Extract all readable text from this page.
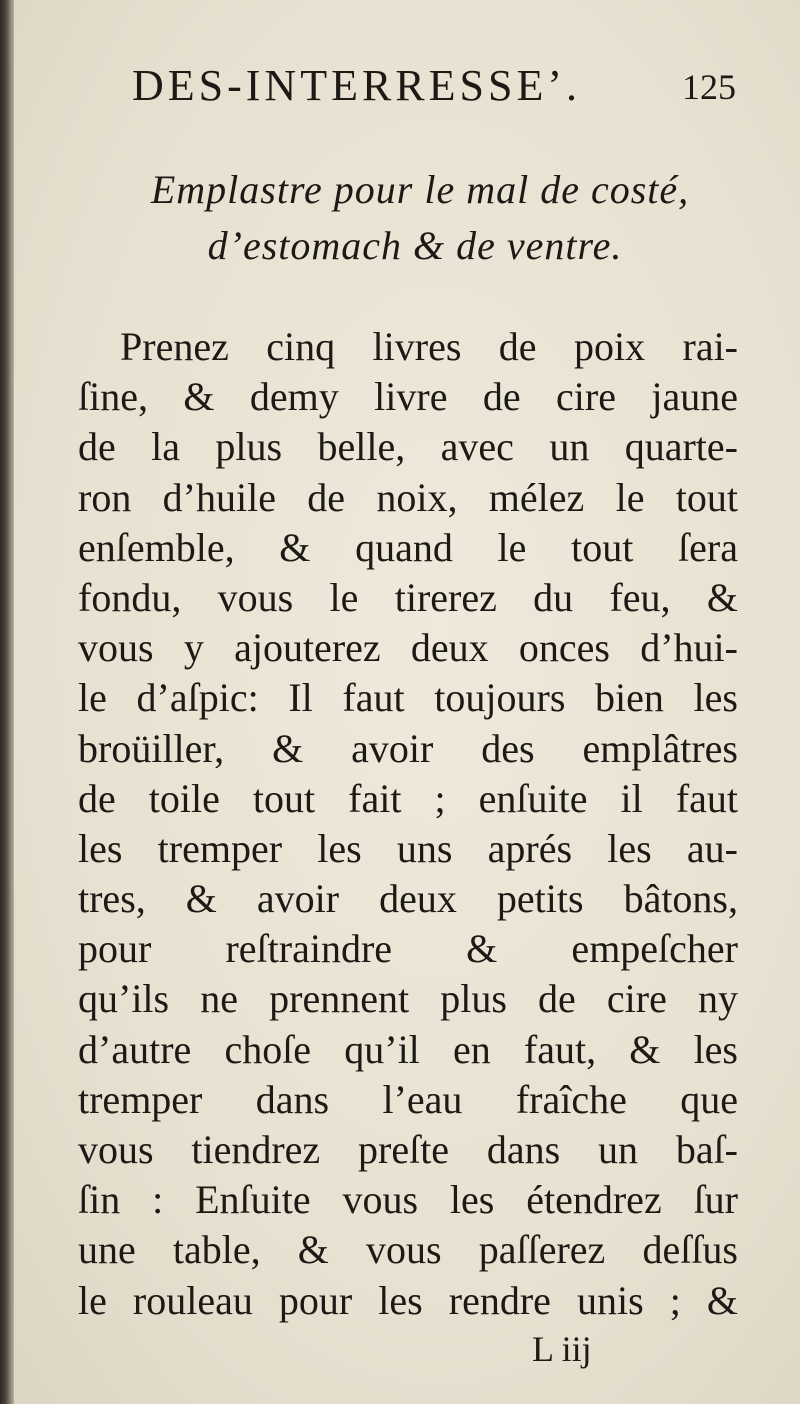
DES-INTERRESSE’.	125
Emplastre pour le mal de costé,
d’estomach & de ventre.
Prenez cinq livres de poix rai-
ſine, & demy livre de cire jaune
de la plus belle, avec un quarte-
ron d’huile de noix, mélez le tout
enſemble, & quand le tout ſera
fondu, vous le tirerez du feu, &
vous y ajouterez deux onces d’hui-
le d’aſpic: Il faut toujours bien les
broüiller, & avoir des emplâtres
de toile tout fait ; enſuite il faut
les tremper les uns aprés les au-
tres, & avoir deux petits bâtons,
pour reſtraindre & empeſcher
qu’ils ne prennent plus de cire ny
d’autre choſe qu’il en faut, & les
tremper dans l’eau fraîche que
vous tiendrez preſte dans un baſ-
ſin : Enſuite vous les étendrez ſur
une table, & vous paſſerez deſſus
le rouleau pour les rendre unis ; &
L iij
